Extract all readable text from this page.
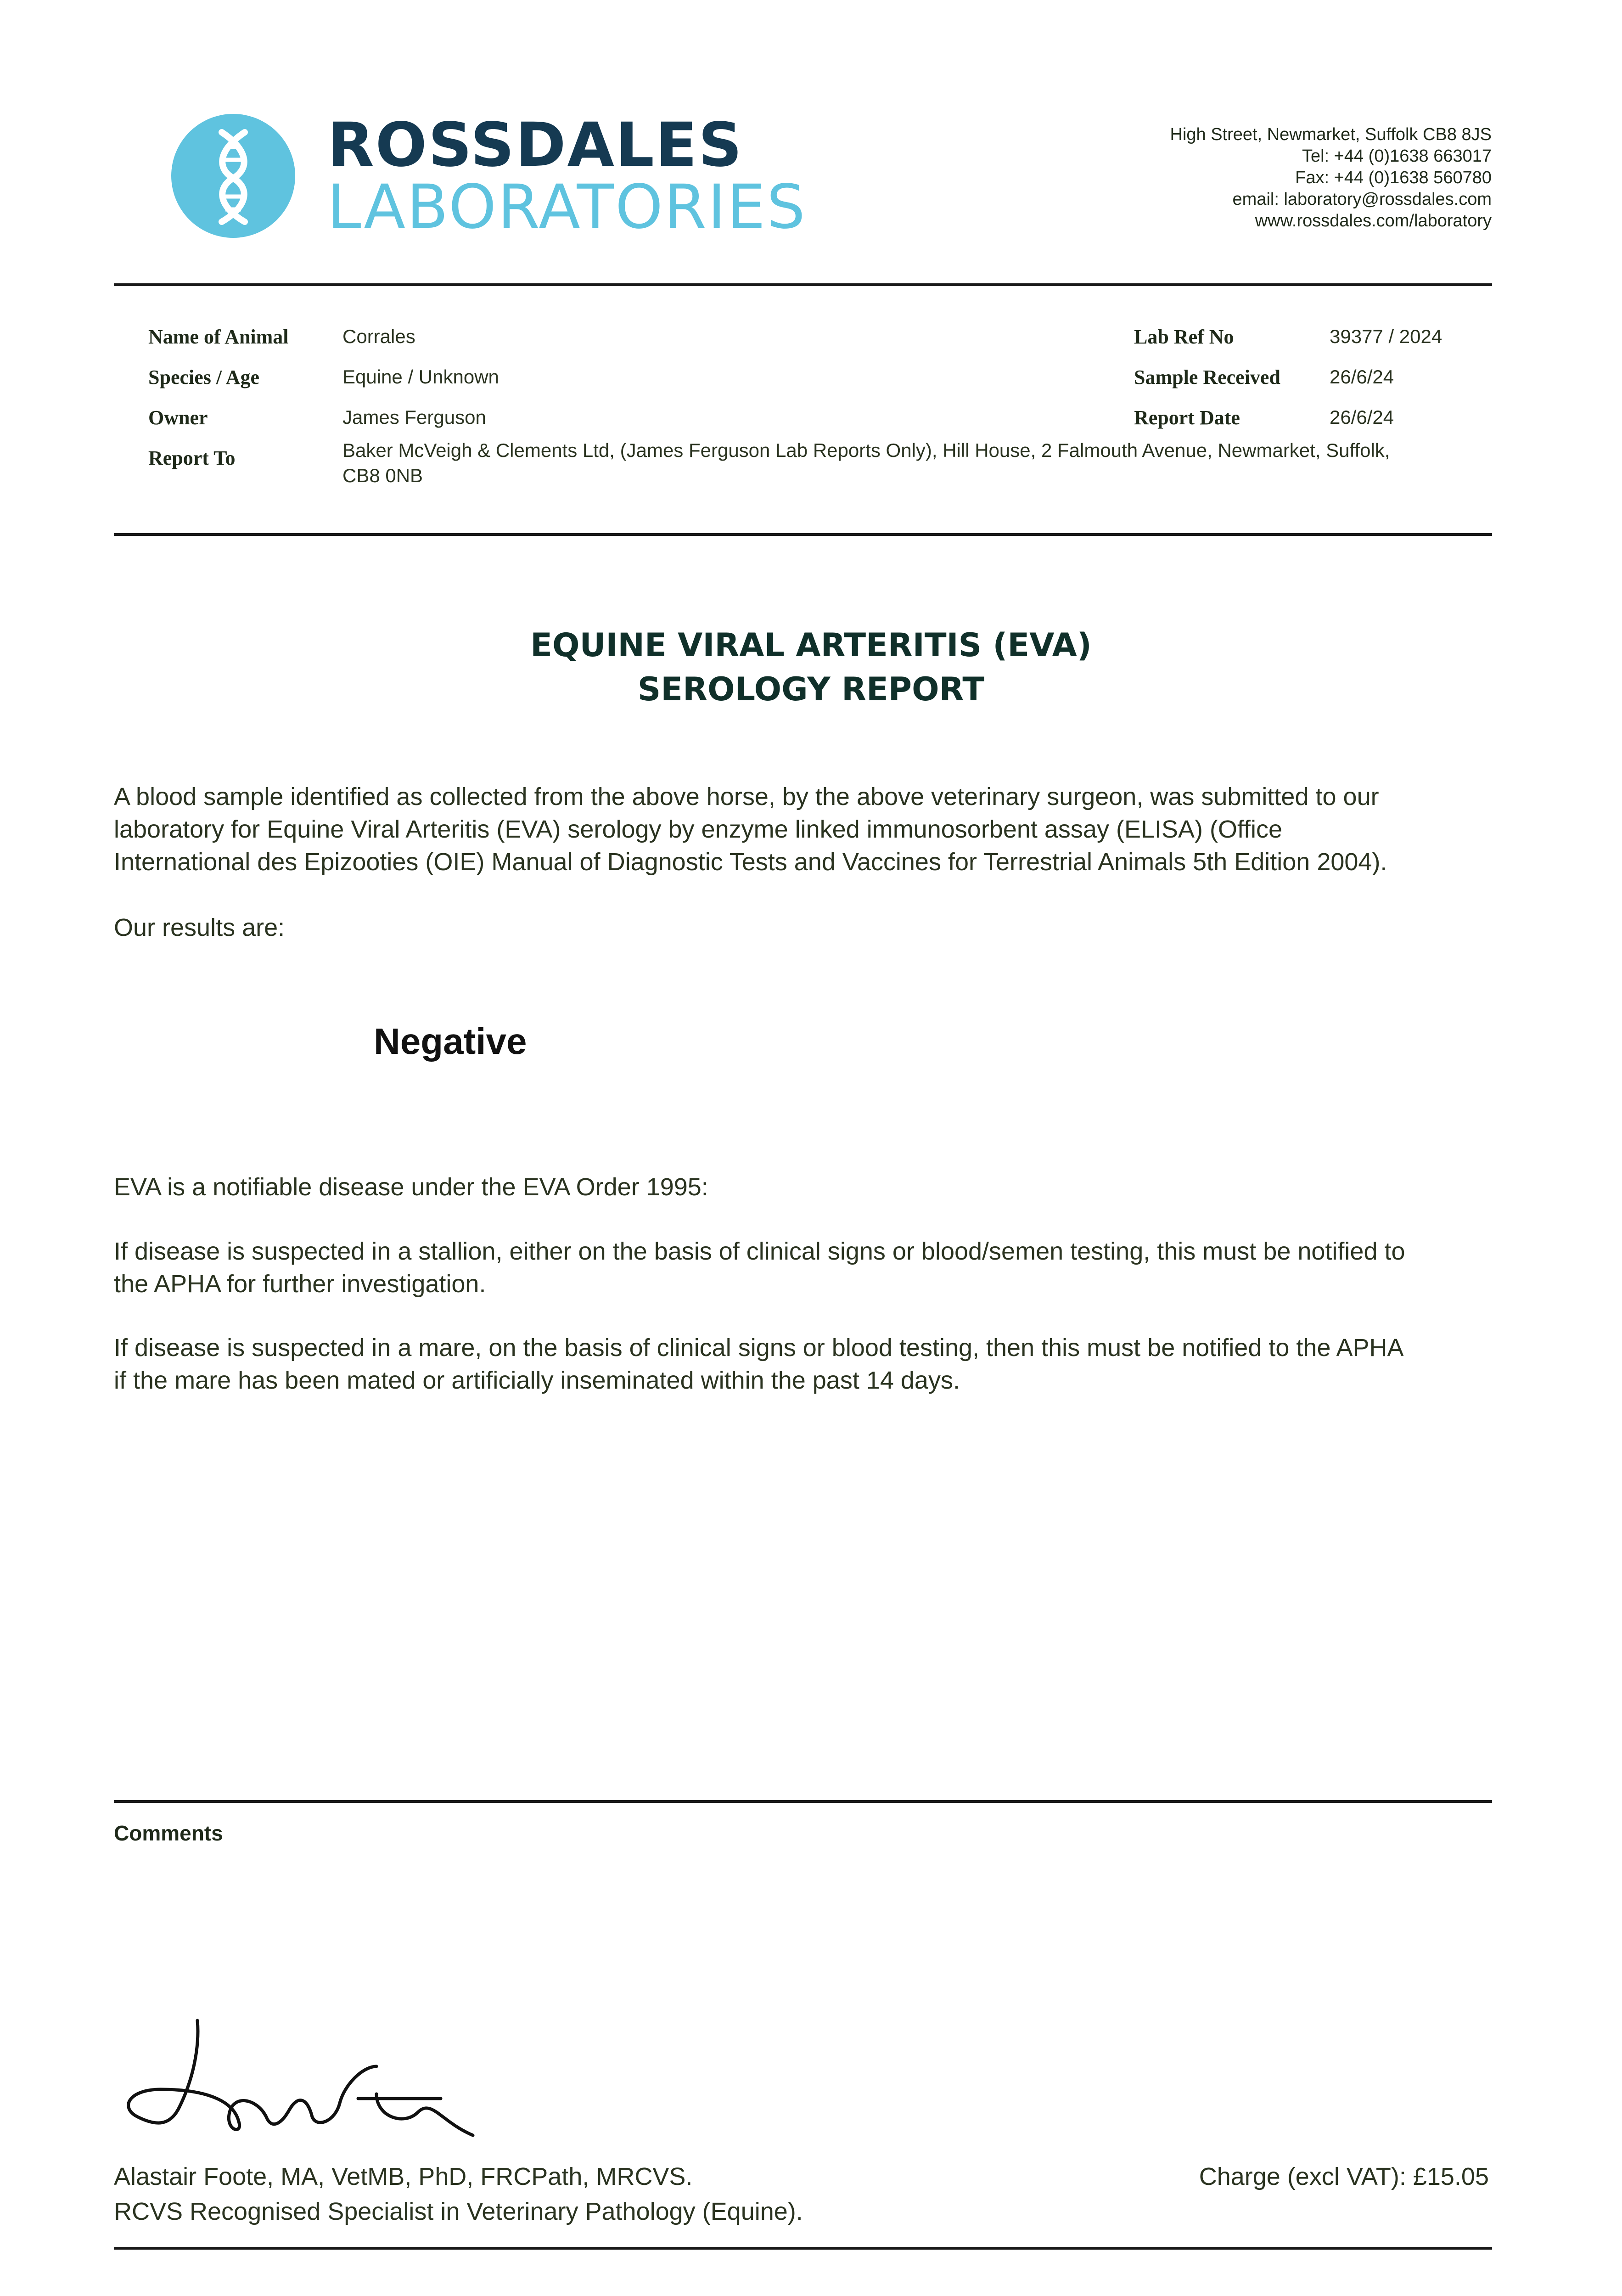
ROSSDALES
LABORATORIES
High Street, Newmarket, Suffolk CB8 8JS
Tel: +44 (0)1638 663017
Fax: +44 (0)1638 560780
email: laboratory@rossdales.com
www.rossdales.com/laboratory
Name of Animal	Corrales
Species / Age	Equine / Unknown
Owner	James Ferguson
Report To	Baker McVeigh & Clements Ltd, (James Ferguson Lab Reports Only), Hill House, 2 Falmouth Avenue, Newmarket, Suffolk,
CB8 0NB
Lab Ref No	39377 / 2024
Sample Received	26/6/24
Report Date	26/6/24
EQUINE VIRAL ARTERITIS (EVA)
SEROLOGY REPORT
A blood sample identified as collected from the above horse, by the above veterinary surgeon, was submitted to our
laboratory for Equine Viral Arteritis (EVA) serology by enzyme linked immunosorbent assay (ELISA) (Office
International des Epizooties (OIE) Manual of Diagnostic Tests and Vaccines for Terrestrial Animals 5th Edition 2004).
Our results are:
Negative
EVA is a notifiable disease under the EVA Order 1995:
If disease is suspected in a stallion, either on the basis of clinical signs or blood/semen testing, this must be notified to
the APHA for further investigation.
If disease is suspected in a mare, on the basis of clinical signs or blood testing, then this must be notified to the APHA
if the mare has been mated or artificially inseminated within the past 14 days.
Comments
Alastair Foote, MA, VetMB, PhD, FRCPath, MRCVS.
RCVS Recognised Specialist in Veterinary Pathology (Equine).
Charge (excl VAT): £15.05
